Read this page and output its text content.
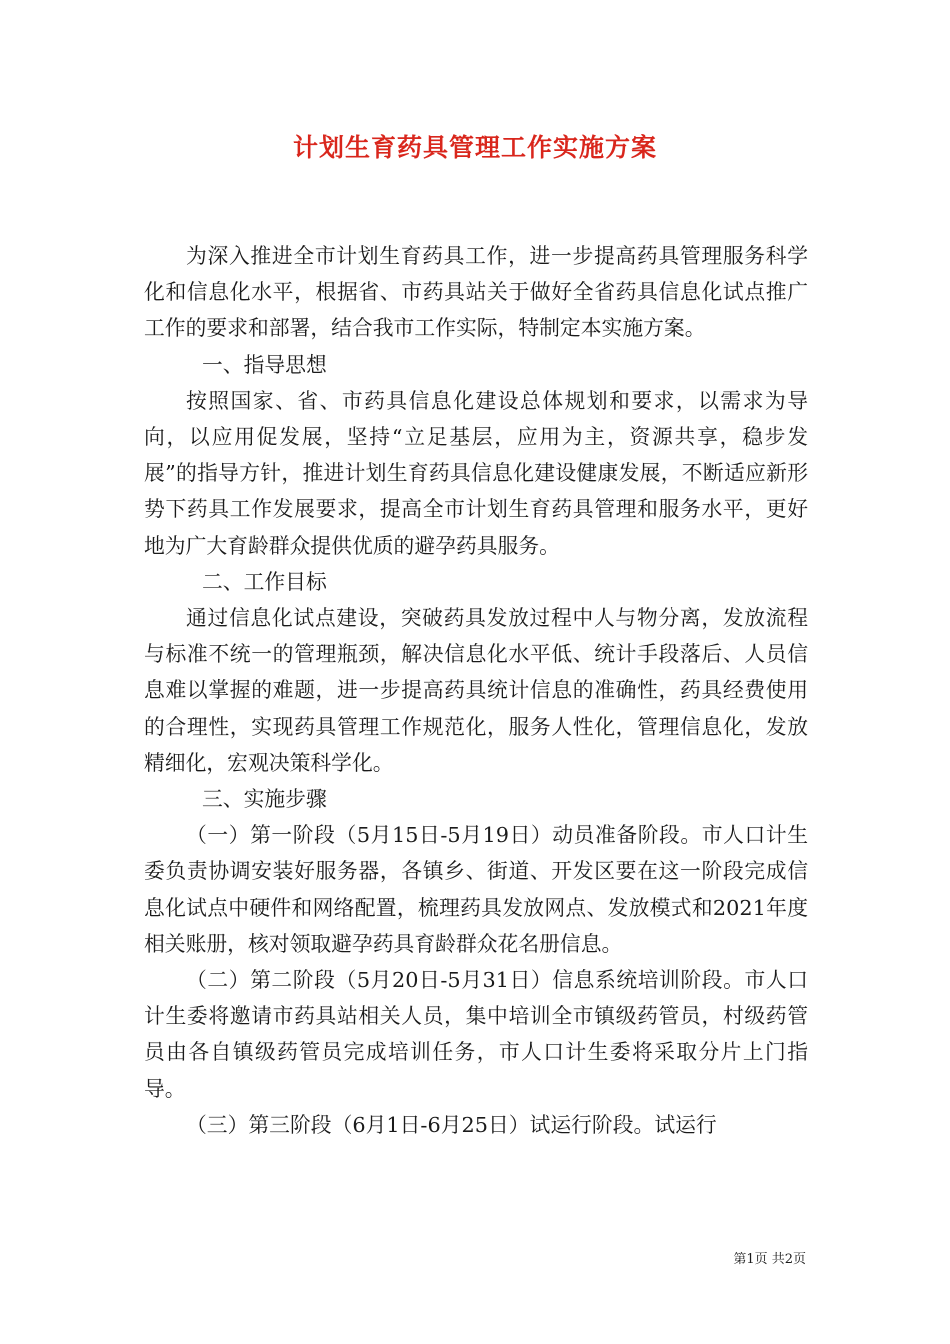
计划生育药具管理工作实施方案

为深入推进全市计划生育药具工作，进一步提高药具管理服务科学化和信息化水平，根据省、市药具站关于做好全省药具信息化试点推广工作的要求和部署，结合我市工作实际，特制定本实施方案。

一、指导思想

按照国家、省、市药具信息化建设总体规划和要求，以需求为导向，以应用促发展，坚持“立足基层，应用为主，资源共享，稳步发展”的指导方针，推进计划生育药具信息化建设健康发展，不断适应新形势下药具工作发展要求，提高全市计划生育药具管理和服务水平，更好地为广大育龄群众提供优质的避孕药具服务。

二、工作目标

通过信息化试点建设，突破药具发放过程中人与物分离，发放流程与标准不统一的管理瓶颈，解决信息化水平低、统计手段落后、人员信息难以掌握的难题，进一步提高药具统计信息的准确性，药具经费使用的合理性，实现药具管理工作规范化，服务人性化，管理信息化，发放精细化，宏观决策科学化。

三、实施步骤

（一）第一阶段（5月15日-5月19日）动员准备阶段。市人口计生委负责协调安装好服务器，各镇乡、街道、开发区要在这一阶段完成信息化试点中硬件和网络配置，梳理药具发放网点、发放模式和2021年度相关账册，核对领取避孕药具育龄群众花名册信息。

（二）第二阶段（5月20日-5月31日）信息系统培训阶段。市人口计生委将邀请市药具站相关人员，集中培训全市镇级药管员，村级药管员由各自镇级药管员完成培训任务，市人口计生委将采取分片上门指导。

（三）第三阶段（6月1日-6月25日）试运行阶段。试运行

第1页 共2页
